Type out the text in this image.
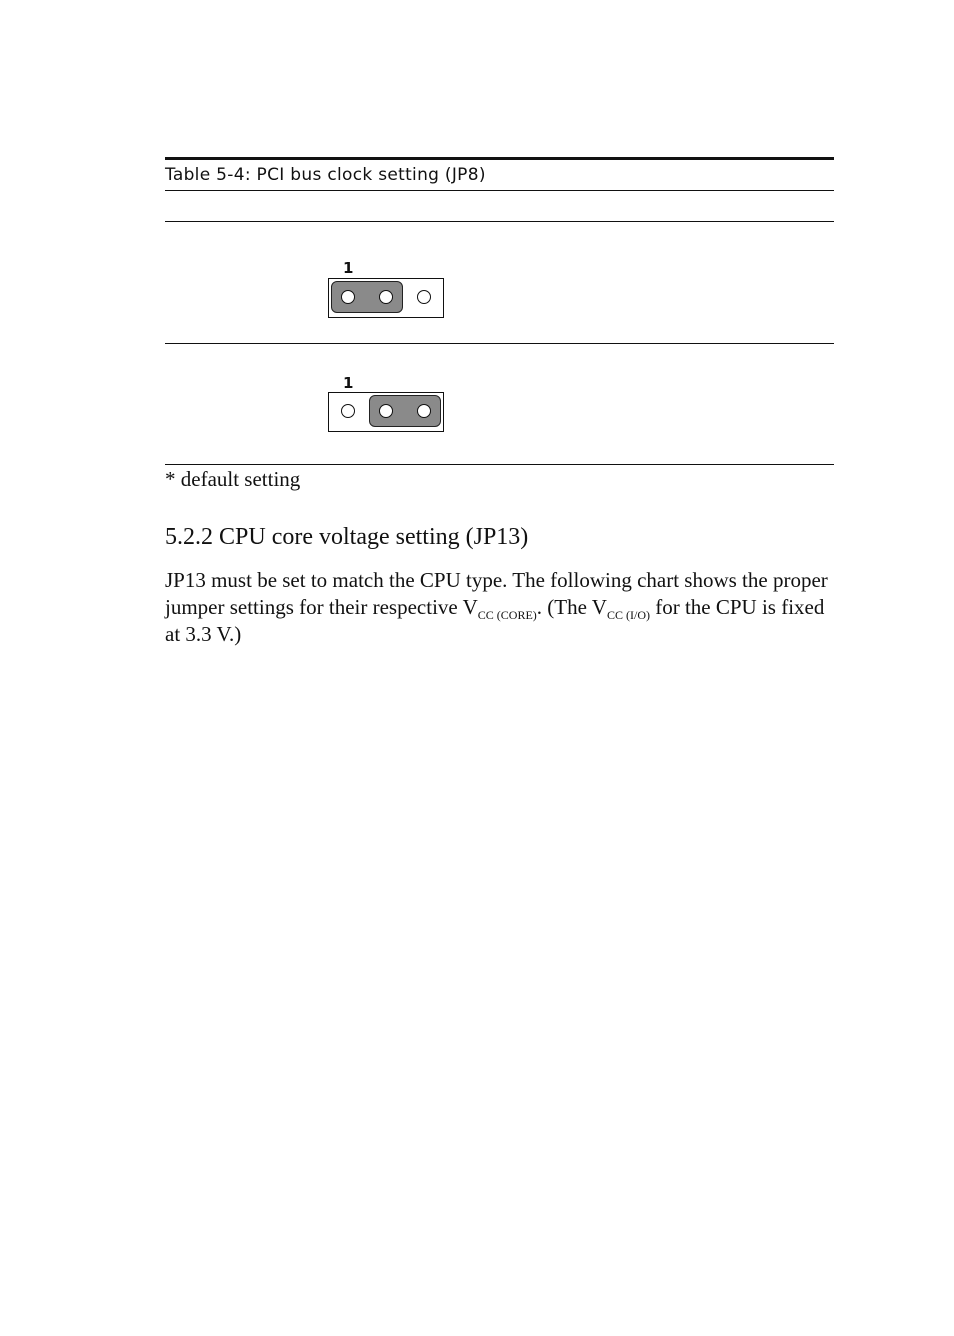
Table 5-4: PCI bus clock setting (JP8)
1
1
* default setting
5.2.2 CPU core voltage setting (JP13)

JP13 must be set to match the CPU type. The following chart shows the proper jumper settings for their respective $V_{CC (CORE)}$. (The $V_{CC (I/O)}$ for the CPU is fixed at 3.3 V.)
